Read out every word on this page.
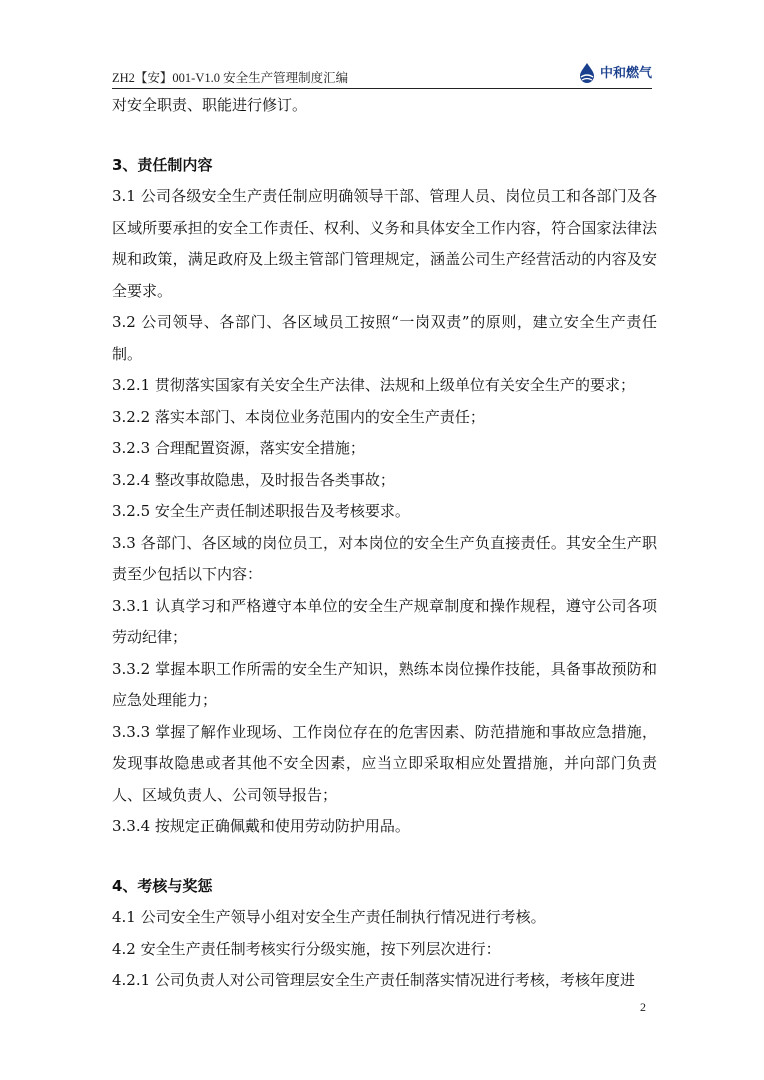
ZH2【安】001-V1.0 安全生产管理制度汇编	中和燃气

对安全职责、职能进行修订。

3、责任制内容

3.1 公司各级安全生产责任制应明确领导干部、管理人员、岗位员工和各部门及各区域所要承担的安全工作责任、权利、义务和具体安全工作内容，符合国家法律法规和政策，满足政府及上级主管部门管理规定，涵盖公司生产经营活动的内容及安全要求。

3.2 公司领导、各部门、各区域员工按照“一岗双责”的原则，建立安全生产责任制。

3.2.1 贯彻落实国家有关安全生产法律、法规和上级单位有关安全生产的要求；

3.2.2 落实本部门、本岗位业务范围内的安全生产责任；

3.2.3 合理配置资源，落实安全措施；

3.2.4 整改事故隐患，及时报告各类事故；

3.2.5 安全生产责任制述职报告及考核要求。

3.3 各部门、各区域的岗位员工，对本岗位的安全生产负直接责任。其安全生产职责至少包括以下内容：

3.3.1 认真学习和严格遵守本单位的安全生产规章制度和操作规程，遵守公司各项劳动纪律；

3.3.2 掌握本职工作所需的安全生产知识，熟练本岗位操作技能，具备事故预防和应急处理能力；

3.3.3 掌握了解作业现场、工作岗位存在的危害因素、防范措施和事故应急措施，发现事故隐患或者其他不安全因素，应当立即采取相应处置措施，并向部门负责人、区域负责人、公司领导报告；

3.3.4 按规定正确佩戴和使用劳动防护用品。

4、考核与奖惩

4.1 公司安全生产领导小组对安全生产责任制执行情况进行考核。

4.2 安全生产责任制考核实行分级实施，按下列层次进行：

4.2.1 公司负责人对公司管理层安全生产责任制落实情况进行考核，考核年度进

2
